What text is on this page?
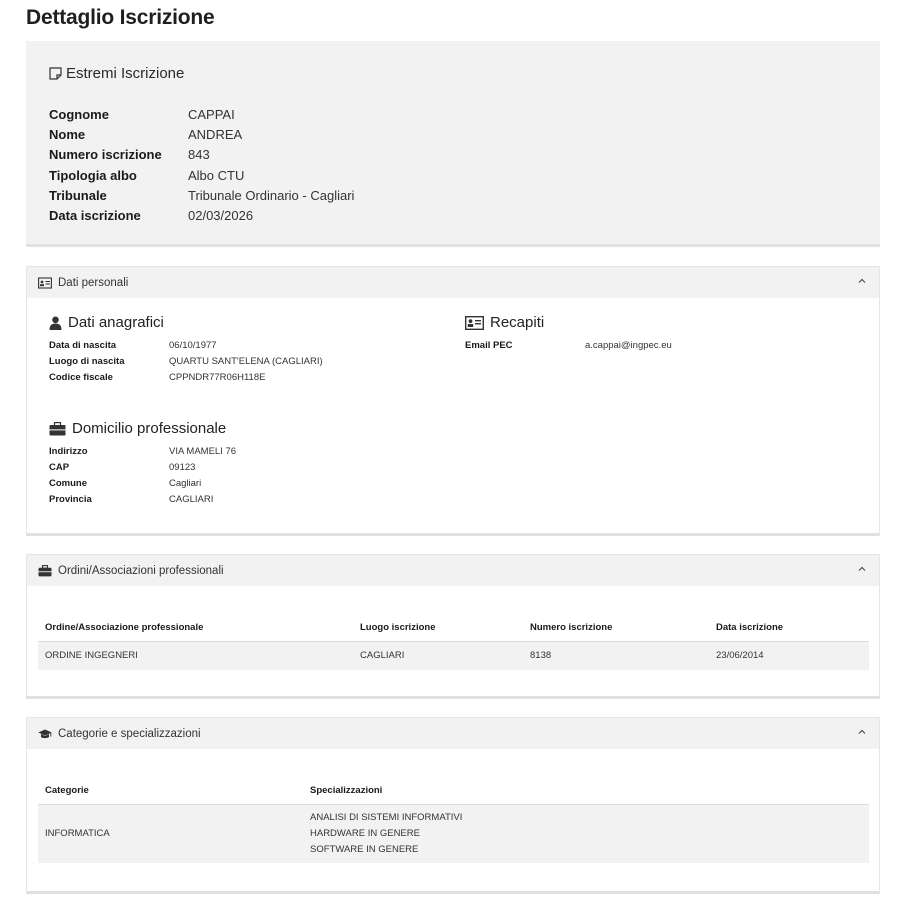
Dettaglio Iscrizione
Estremi Iscrizione
Cognome	CAPPAI
Nome	ANDREA
Numero iscrizione	843
Tipologia albo	Albo CTU
Tribunale	Tribunale Ordinario - Cagliari
Data iscrizione	02/03/2026
Dati personali
Dati anagrafici
Data di nascita	06/10/1977
Luogo di nascita	QUARTU SANT'ELENA (CAGLIARI)
Codice fiscale	CPPNDR77R06H118E
Recapiti
Email PEC	a.cappai@ingpec.eu
Domicilio professionale
Indirizzo	VIA MAMELI 76
CAP	09123
Comune	Cagliari
Provincia	CAGLIARI
Ordini/Associazioni professionali
Ordine/Associazione professionale	Luogo iscrizione	Numero iscrizione	Data iscrizione
ORDINE INGEGNERI	CAGLIARI	8138	23/06/2014
Categorie e specializzazioni
Categorie	Specializzazioni
INFORMATICA	ANALISI DI SISTEMI INFORMATIVI
HARDWARE IN GENERE
SOFTWARE IN GENERE
